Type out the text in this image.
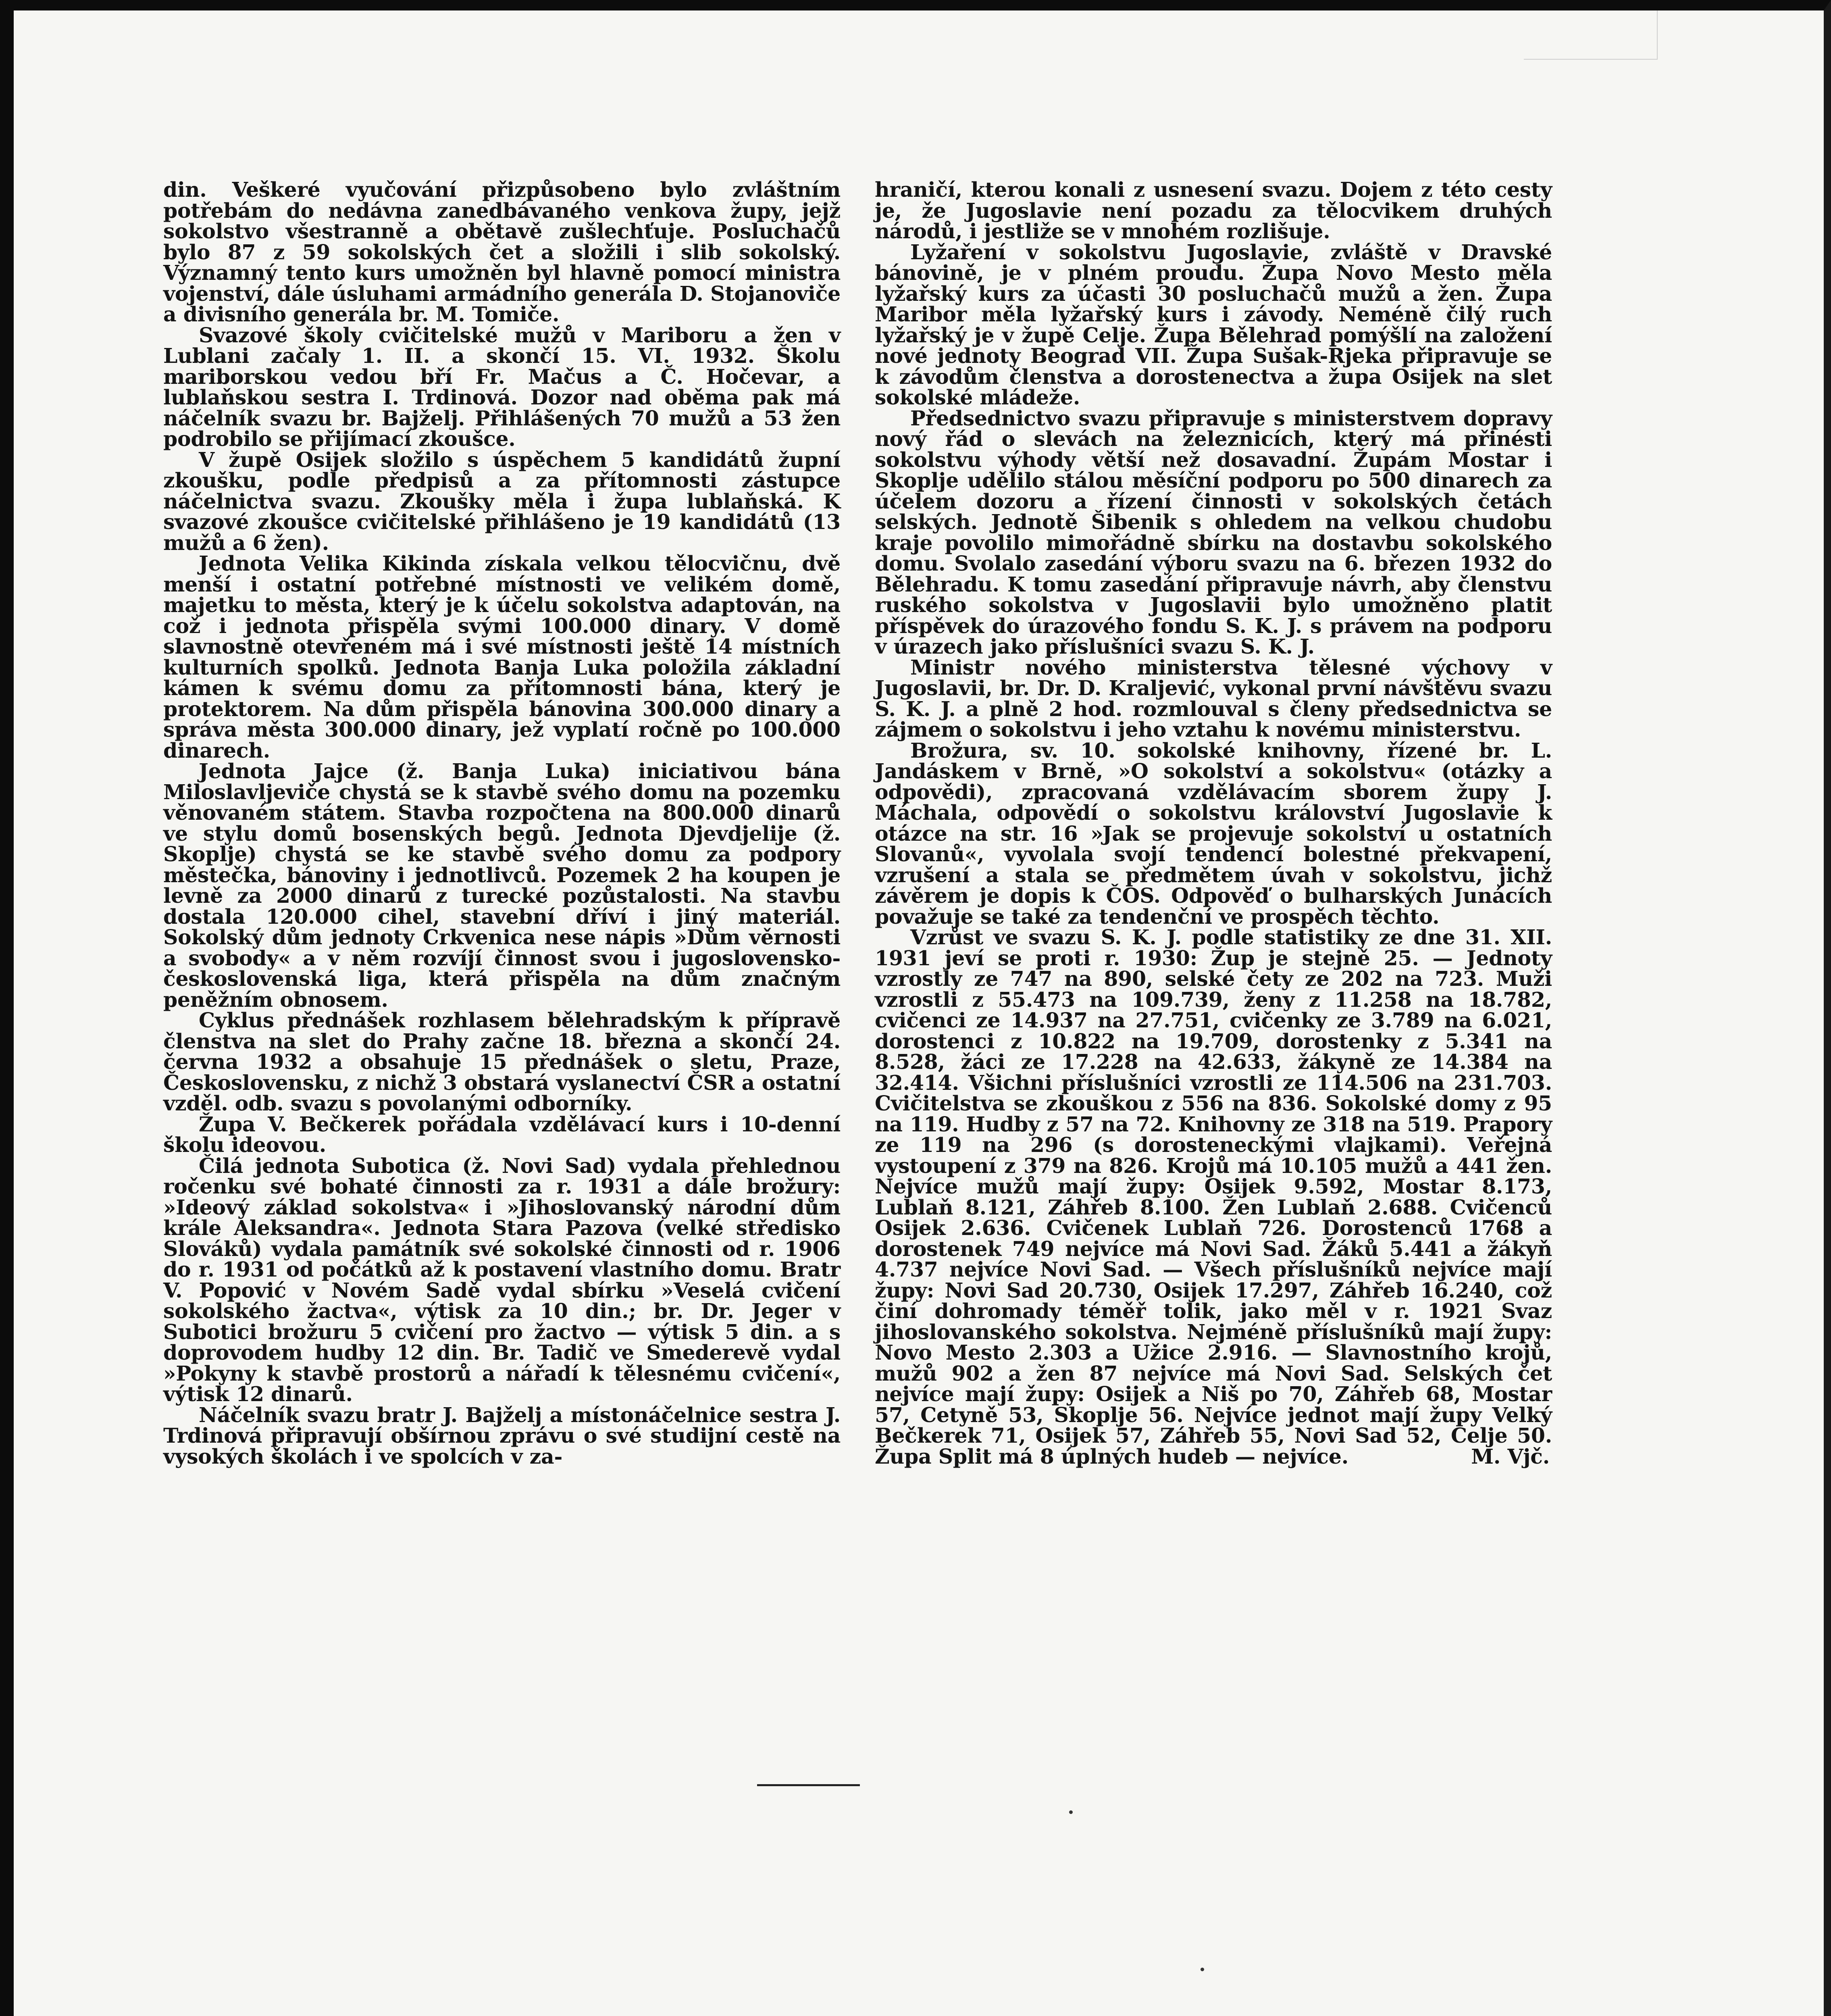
din. Veškeré vyučování přizpůsobeno bylo zvláštním potřebám do nedávna zanedbávaného venkova župy, jejž sokolstvo všestranně a obětavě zušlechťuje. Posluchačů bylo 87 z 59 sokolských čet a složili i slib sokolský. Významný tento kurs umožněn byl hlavně pomocí ministra vojenství, dále úsluhami armádního generála D. Stojanoviče a divisního generála br. M. Tomiče.

Svazové školy cvičitelské mužů v Mariboru a žen v Lublani začaly 1. II. a skončí 15. VI. 1932. Školu mariborskou vedou bří Fr. Mačus a Č. Hočevar, a lublaňskou sestra I. Trdinová. Dozor nad oběma pak má náčelník svazu br. Bajželj. Přihlášených 70 mužů a 53 žen podrobilo se přijímací zkoušce.

V župě Osijek složilo s úspěchem 5 kandidátů župní zkoušku, podle předpisů a za přítomnosti zástupce náčelnictva svazu. Zkoušky měla i župa lublaňská. K svazové zkoušce cvičitelské přihlášeno je 19 kandidátů (13 mužů a 6 žen).

Jednota Velika Kikinda získala velkou tělocvičnu, dvě menší i ostatní potřebné místnosti ve velikém domě, majetku to města, který je k účelu sokolstva adaptován, na což i jednota přispěla svými 100.000 dinary. V domě slavnostně otevřeném má i své místnosti ještě 14 místních kulturních spolků. Jednota Banja Luka položila základní kámen k svému domu za přítomnosti bána, který je protektorem. Na dům přispěla bánovina 300.000 dinary a správa města 300.000 dinary, jež vyplatí ročně po 100.000 dinarech.

Jednota Jajce (ž. Banja Luka) iniciativou bána Miloslavljeviče chystá se k stavbě svého domu na pozemku věnovaném státem. Stavba rozpočtena na 800.000 dinarů ve stylu domů bosenských begů. Jednota Djevdjelije (ž. Skoplje) chystá se ke stavbě svého domu za podpory městečka, bánoviny i jednotlivců. Pozemek 2 ha koupen je levně za 2000 dinarů z turecké pozůstalosti. Na stavbu dostala 120.000 cihel, stavební dříví i jiný materiál. Sokolský dům jednoty Crkvenica nese nápis »Dům věrnosti a svobody« a v něm rozvíjí činnost svou i jugoslovensko-československá liga, která přispěla na dům značným peněžním obnosem.

Cyklus přednášek rozhlasem bělehradským k přípravě členstva na slet do Prahy začne 18. března a skončí 24. června 1932 a obsahuje 15 přednášek o sletu, Praze, Československu, z nichž 3 obstará vyslanectví ČSR a ostatní vzděl. odb. svazu s povolanými odborníky.

Župa V. Bečkerek pořádala vzdělávací kurs i 10-denní školu ideovou.

Čilá jednota Subotica (ž. Novi Sad) vydala přehlednou ročenku své bohaté činnosti za r. 1931 a dále brožury: »Ideový základ sokolstva« i »Jihoslovanský národní dům krále Aleksandra«. Jednota Stara Pazova (velké středisko Slováků) vydala památník své sokolské činnosti od r. 1906 do r. 1931 od počátků až k postavení vlastního domu. Bratr V. Popović v Novém Sadě vydal sbírku »Veselá cvičení sokolského žactva«, výtisk za 10 din.; br. Dr. Jeger v Subotici brožuru 5 cvičení pro žactvo — výtisk 5 din. a s doprovodem hudby 12 din. Br. Tadič ve Smederevě vydal »Pokyny k stavbě prostorů a nářadí k tělesnému cvičení«, výtisk 12 dinarů.

Náčelník svazu bratr J. Bajželj a místonáčelnice sestra J. Trdinová připravují obšírnou zprávu o své studijní cestě na vysokých školách i ve spolcích v za-

hraničí, kterou konali z usnesení svazu. Dojem z této cesty je, že Jugoslavie není pozadu za tělocvikem druhých národů, i jestliže se v mnohém rozlišuje.

Lyžaření v sokolstvu Jugoslavie, zvláště v Dravské bánovině, je v plném proudu. Župa Novo Mesto měla lyžařský kurs za účasti 30 posluchačů mužů a žen. Župa Maribor měla lyžařský kurs i závody. Neméně čilý ruch lyžařský je v župě Celje. Župa Bělehrad pomýšlí na založení nové jednoty Beograd VII. Župa Sušak-Rjeka připravuje se k závodům členstva a dorostenectva a župa Osijek na slet sokolské mládeže.

Předsednictvo svazu připravuje s ministerstvem dopravy nový řád o slevách na železnicích, který má přinésti sokolstvu výhody větší než dosavadní. Župám Mostar i Skoplje udělilo stálou měsíční podporu po 500 dinarech za účelem dozoru a řízení činnosti v sokolských četách selských. Jednotě Šibenik s ohledem na velkou chudobu kraje povolilo mimořádně sbírku na dostavbu sokolského domu. Svolalo zasedání výboru svazu na 6. březen 1932 do Bělehradu. K tomu zasedání připravuje návrh, aby členstvu ruského sokolstva v Jugoslavii bylo umožněno platit příspěvek do úrazového fondu S. K. J. s právem na podporu v úrazech jako příslušníci svazu S. K. J.

Ministr nového ministerstva tělesné výchovy v Jugoslavii, br. Dr. D. Kraljević, vykonal první návštěvu svazu S. K. J. a plně 2 hod. rozmlouval s členy předsednictva se zájmem o sokolstvu i jeho vztahu k novému ministerstvu.

Brožura, sv. 10. sokolské knihovny, řízené br. L. Jandáskem v Brně, »O sokolství a sokolstvu« (otázky a odpovědi), zpracovaná vzdělávacím sborem župy J. Máchala, odpovědí o sokolstvu království Jugoslavie k otázce na str. 16 »Jak se projevuje sokolství u ostatních Slovanů«, vyvolala svojí tendencí bolestné překvapení, vzrušení a stala se předmětem úvah v sokolstvu, jichž závěrem je dopis k ČOS. Odpověď o bulharských Junácích považuje se také za tendenční ve prospěch těchto.

Vzrůst ve svazu S. K. J. podle statistiky ze dne 31. XII. 1931 jeví se proti r. 1930: Žup je stejně 25. — Jednoty vzrostly ze 747 na 890, selské čety ze 202 na 723. Muži vzrostli z 55.473 na 109.739, ženy z 11.258 na 18.782, cvičenci ze 14.937 na 27.751, cvičenky ze 3.789 na 6.021, dorostenci z 10.822 na 19.709, dorostenky z 5.341 na 8.528, žáci ze 17.228 na 42.633, žákyně ze 14.384 na 32.414. Všichni příslušníci vzrostli ze 114.506 na 231.703. Cvičitelstva se zkouškou z 556 na 836. Sokolské domy z 95 na 119. Hudby z 57 na 72. Knihovny ze 318 na 519. Prapory ze 119 na 296 (s dorosteneckými vlajkami). Veřejná vystoupení z 379 na 826. Krojů má 10.105 mužů a 441 žen. Nejvíce mužů mají župy: Osijek 9.592, Mostar 8.173, Lublaň 8.121, Záhřeb 8.100. Žen Lublaň 2.688. Cvičenců Osijek 2.636. Cvičenek Lublaň 726. Dorostenců 1768 a dorostenek 749 nejvíce má Novi Sad. Žáků 5.441 a žákyň 4.737 nejvíce Novi Sad. — Všech příslušníků nejvíce mají župy: Novi Sad 20.730, Osijek 17.297, Záhřeb 16.240, což činí dohromady téměř tolik, jako měl v r. 1921 Svaz jihoslovanského sokolstva. Nejméně příslušníků mají župy: Novo Mesto 2.303 a Užice 2.916. — Slavnostního krojů, mužů 902 a žen 87 nejvíce má Novi Sad. Selských čet nejvíce mají župy: Osijek a Niš po 70, Záhřeb 68, Mostar 57, Cetyně 53, Skoplje 56. Nejvíce jednot mají župy Velký Bečkerek 71, Osijek 57, Záhřeb 55, Novi Sad 52, Celje 50. Župa Split má 8 úplných hudeb — nejvíce.	M. Vjč.
